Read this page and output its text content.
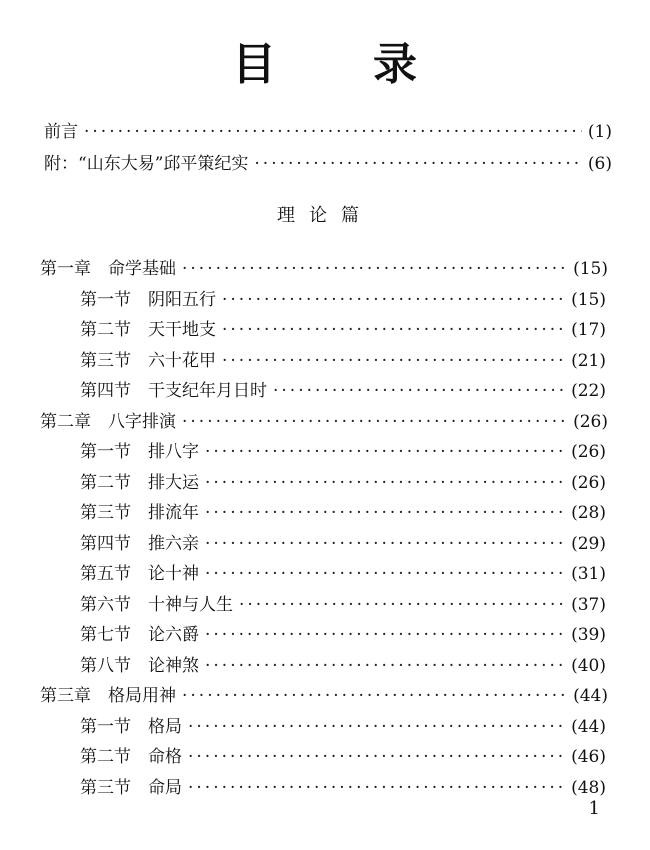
目 录
理论篇
前言 ·····	(1)
附：“山东大易”邱平策纪实 ·····	(6)
第一章　命学基础 ·····	(15)
第一节　阴阳五行 ·····	(15)
第二节　天干地支 ·····	(17)
第三节　六十花甲 ·····	(21)
第四节　干支纪年月日时 ·····	(22)
第二章　八字排演 ·····	(26)
第一节　排八字 ·····	(26)
第二节　排大运 ·····	(26)
第三节　排流年 ·····	(28)
第四节　推六亲 ·····	(29)
第五节　论十神 ·····	(31)
第六节　十神与人生 ·····	(37)
第七节　论六爵 ·····	(39)
第八节　论神煞 ·····	(40)
第三章　格局用神 ·····	(44)
第一节　格局 ·····	(44)
第二节　命格 ·····	(46)
第三节　命局 ·····	(48)
1
